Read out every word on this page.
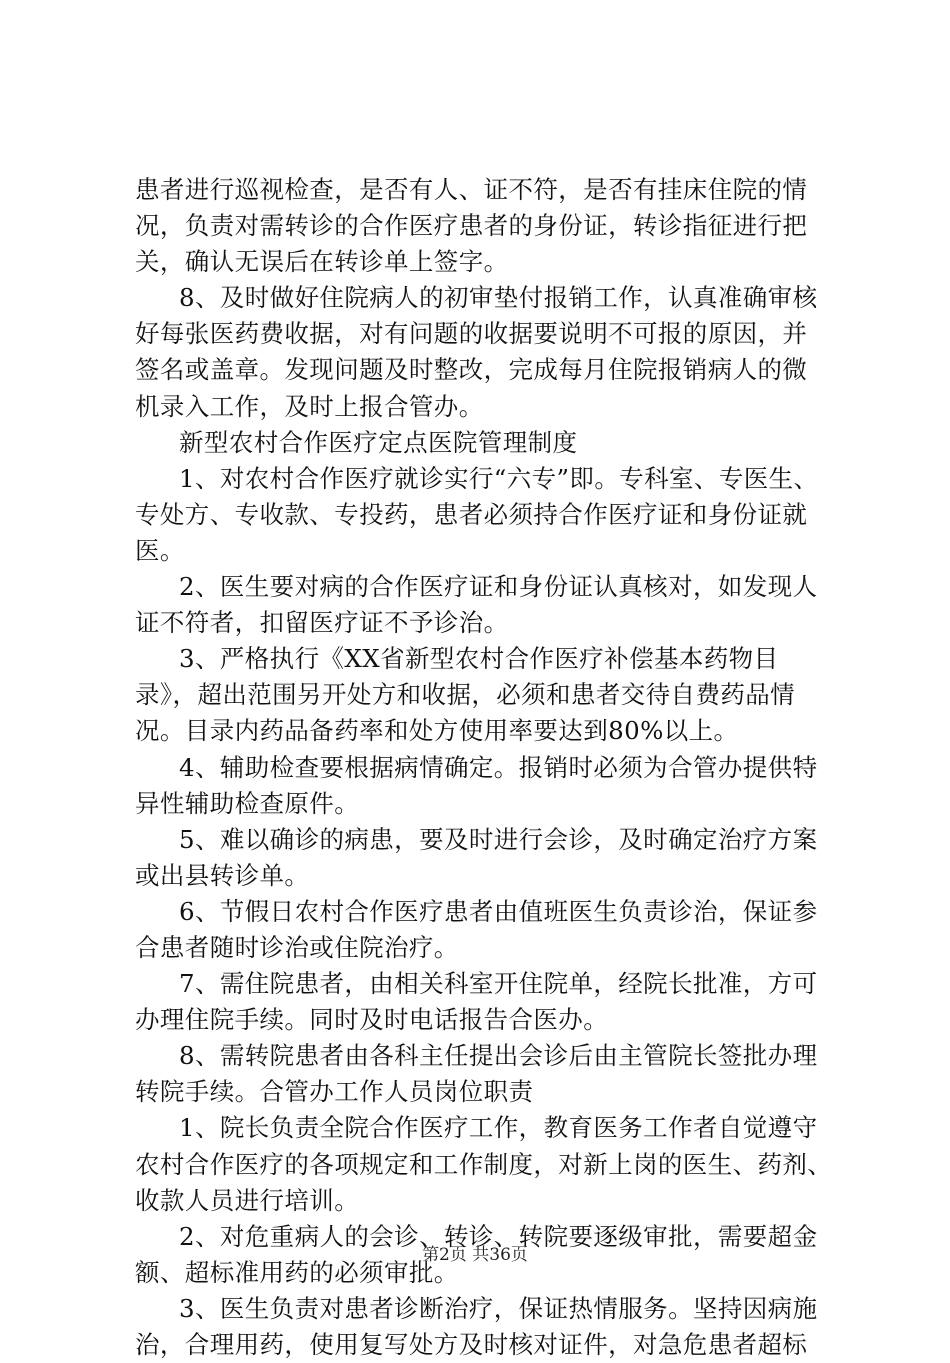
患者进行巡视检查，是否有人、证不符，是否有挂床住院的情
况，负责对需转诊的合作医疗患者的身份证，转诊指征进行把
关，确认无误后在转诊单上签字。
8、及时做好住院病人的初审垫付报销工作，认真准确审核
好每张医药费收据，对有问题的收据要说明不可报的原因，并
签名或盖章。发现问题及时整改，完成每月住院报销病人的微
机录入工作，及时上报合管办。
新型农村合作医疗定点医院管理制度
1、对农村合作医疗就诊实行“六专”即。专科室、专医生、
专处方、专收款、专投药，患者必须持合作医疗证和身份证就
医。
2、医生要对病的合作医疗证和身份证认真核对，如发现人
证不符者，扣留医疗证不予诊治。
3、严格执行《XX省新型农村合作医疗补偿基本药物目
录》，超出范围另开处方和收据，必须和患者交待自费药品情
况。目录内药品备药率和处方使用率要达到80%以上。
4、辅助检查要根据病情确定。报销时必须为合管办提供特
异性辅助检查原件。
5、难以确诊的病患，要及时进行会诊，及时确定治疗方案
或出县转诊单。
6、节假日农村合作医疗患者由值班医生负责诊治，保证参
合患者随时诊治或住院治疗。
7、需住院患者，由相关科室开住院单，经院长批准，方可
办理住院手续。同时及时电话报告合医办。
8、需转院患者由各科主任提出会诊后由主管院长签批办理
转院手续。合管办工作人员岗位职责
1、院长负责全院合作医疗工作，教育医务工作者自觉遵守
农村合作医疗的各项规定和工作制度，对新上岗的医生、药剂、
收款人员进行培训。
2、对危重病人的会诊、转诊、转院要逐级审批，需要超金
额、超标准用药的必须审批。
3、医生负责对患者诊断治疗，保证热情服务。坚持因病施
治，合理用药，使用复写处方及时核对证件，对急危患者超标
第2页 共36页
